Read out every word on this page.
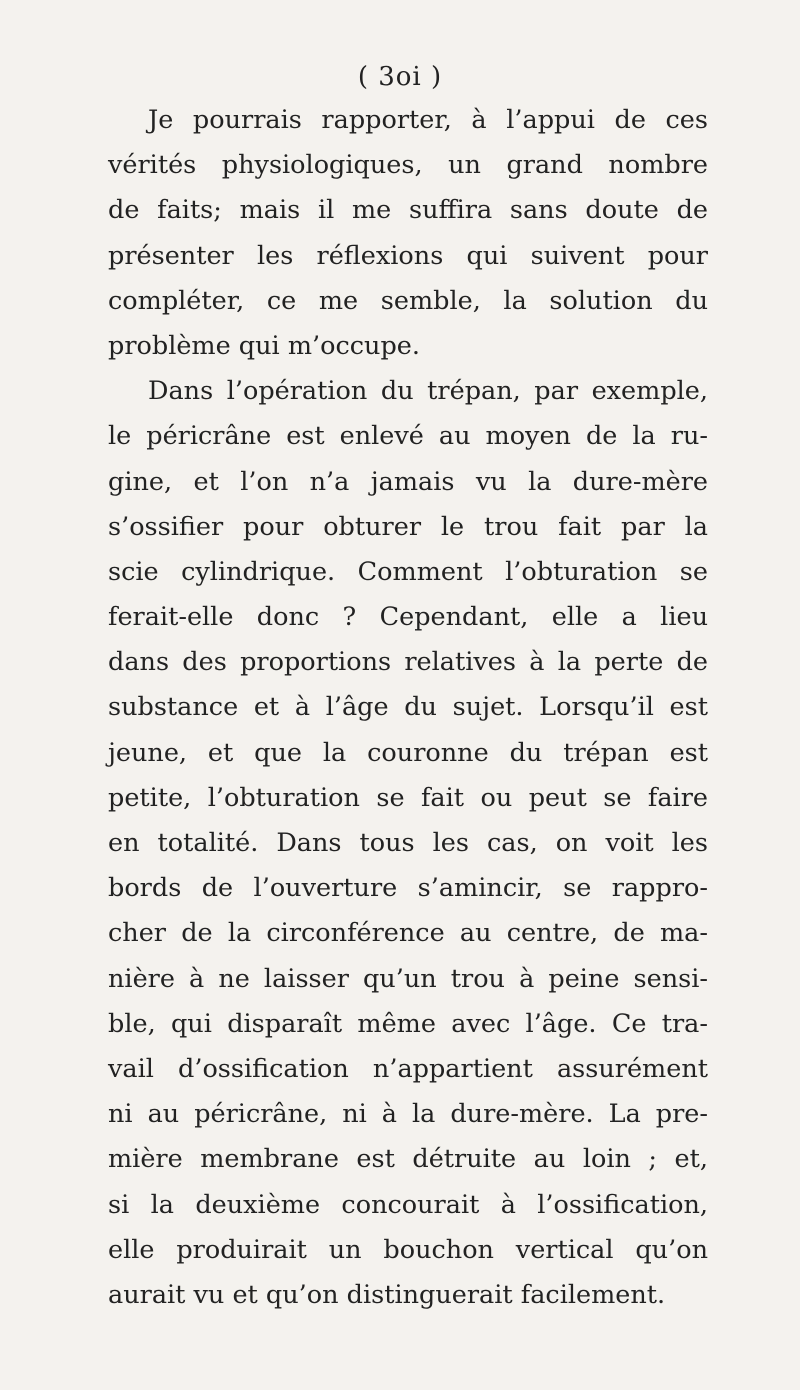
( 3oi )
Je pourrais rapporter, à l’appui de ces
vérités physiologiques, un grand nombre
de faits; mais il me suffira sans doute de
présenter les réflexions qui suivent pour
compléter, ce me semble, la solution du
problème qui m’occupe.
Dans l’opération du trépan, par exemple,
le péricrâne est enlevé au moyen de la ru-
gine, et l’on n’a jamais vu la dure-mère
s’ossifier pour obturer le trou fait par la
scie cylindrique. Comment l’obturation se
ferait-elle donc ? Cependant, elle a lieu
dans des proportions relatives à la perte de
substance et à l’âge du sujet. Lorsqu’il est
jeune, et que la couronne du trépan est
petite, l’obturation se fait ou peut se faire
en totalité. Dans tous les cas, on voit les
bords de l’ouverture s’amincir, se rappro-
cher de la circonférence au centre, de ma-
nière à ne laisser qu’un trou à peine sensi-
ble, qui disparaît même avec l’âge. Ce tra-
vail d’ossification n’appartient assurément
ni au péricrâne, ni à la dure-mère. La pre-
mière membrane est détruite au loin ; et,
si la deuxième concourait à l’ossification,
elle produirait un bouchon vertical qu’on
aurait vu et qu’on distinguerait facilement.
